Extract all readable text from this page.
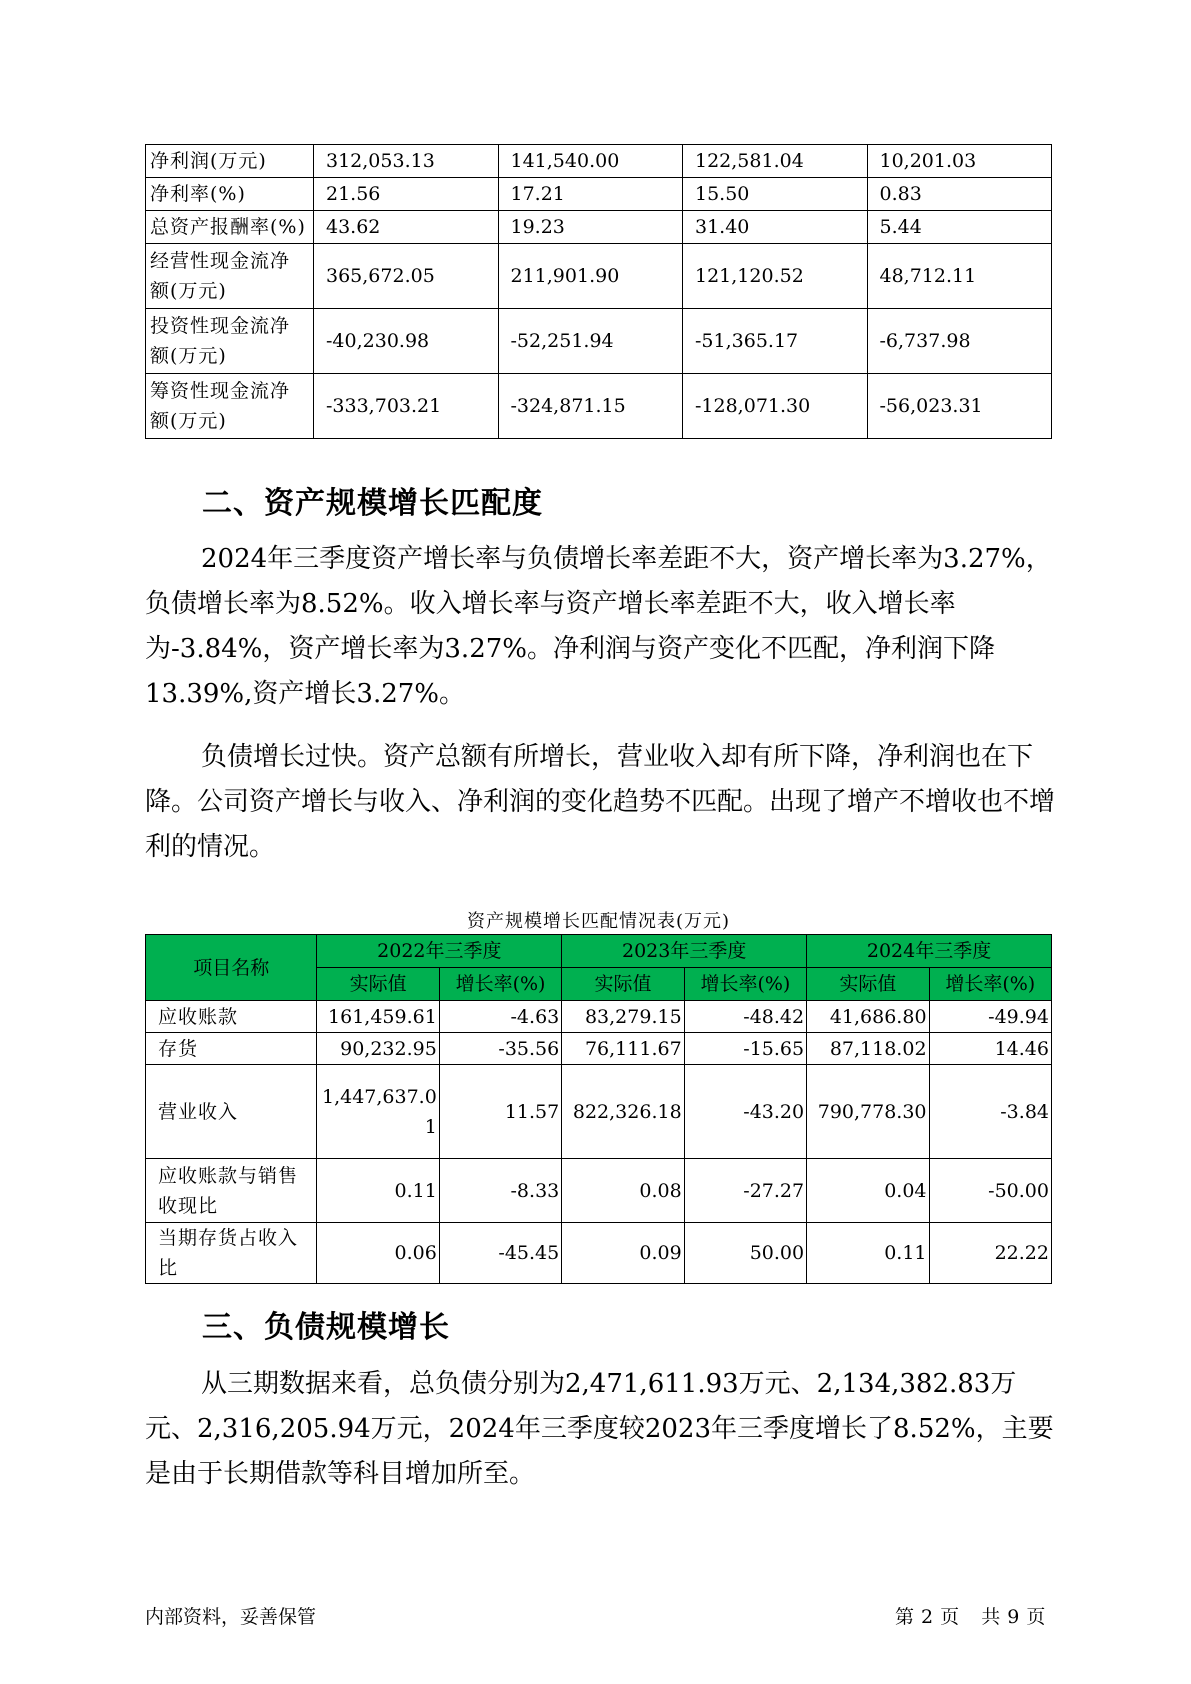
净利润(万元)	312,053.13	141,540.00	122,581.04	10,201.03
净利率(%)	21.56	17.21	15.50	0.83
总资产报酬率(%)	43.62	19.23	31.40	5.44
经营性现金流净额(万元)	365,672.05	211,901.90	121,120.52	48,712.11
投资性现金流净额(万元)	-40,230.98	-52,251.94	-51,365.17	-6,737.98
筹资性现金流净额(万元)	-333,703.21	-324,871.15	-128,071.30	-56,023.31
二、资产规模增长匹配度

2024年三季度资产增长率与负债增长率差距不大，资产增长率为3.27%，负债增长率为8.52%。收入增长率与资产增长率差距不大，收入增长率为-3.84%，资产增长率为3.27%。净利润与资产变化不匹配，净利润下降13.39%,资产增长3.27%。

负债增长过快。资产总额有所增长，营业收入却有所下降，净利润也在下降。公司资产增长与收入、净利润的变化趋势不匹配。出现了增产不增收也不增利的情况。

资产规模增长匹配情况表(万元)
项目名称	2022年三季度		2023年三季度		2024年三季度	
	实际值	增长率(%)	实际值	增长率(%)	实际值	增长率(%)
应收账款	161,459.61	-4.63	83,279.15	-48.42	41,686.80	-49.94
存货	90,232.95	-35.56	76,111.67	-15.65	87,118.02	14.46
营业收入	1,447,637.01	11.57	822,326.18	-43.20	790,778.30	-3.84
应收账款与销售收现比	0.11	-8.33	0.08	-27.27	0.04	-50.00
当期存货占收入比	0.06	-45.45	0.09	50.00	0.11	22.22
三、负债规模增长

从三期数据来看，总负债分别为2,471,611.93万元、2,134,382.83万元、2,316,205.94万元，2024年三季度较2023年三季度增长了8.52%，主要是由于长期借款等科目增加所至。

内部资料，妥善保管	第 2 页 共 9 页
